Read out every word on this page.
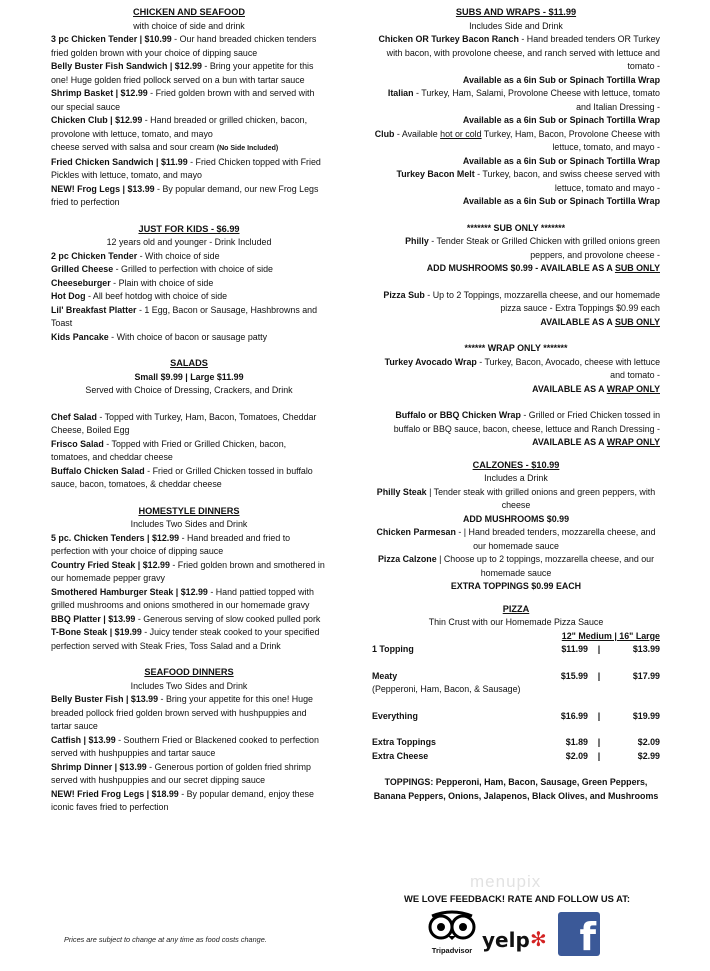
CHICKEN AND SEAFOOD

with choice of side and drink

3 pc Chicken Tender | $10.99 - Our hand breaded chicken tenders fried golden brown with your choice of dipping sauce

Belly Buster Fish Sandwich | $12.99 - Bring your appetite for this one! Huge golden fried pollock served on a bun with tartar sauce

Shrimp Basket | $12.99 - Fried golden brown with and served with our special sauce

Chicken Club | $12.99 - Hand breaded or grilled chicken, bacon, provolone with lettuce, tomato, and mayo

cheese served with salsa and sour cream (No Side Included)

Fried Chicken Sandwich | $11.99 - Fried Chicken topped with Fried Pickles with lettuce, tomato, and mayo

NEW! Frog Legs | $13.99 - By popular demand, our new Frog Legs fried to perfection

JUST FOR KIDS - $6.99

12 years old and younger - Drink Included

2 pc Chicken Tender - With choice of side

Grilled Cheese - Grilled to perfection with choice of side

Cheeseburger - Plain with choice of side

Hot Dog - All beef hotdog with choice of side

Lil' Breakfast Platter - 1 Egg, Bacon or Sausage, Hashbrowns and Toast

Kids Pancake - With choice of bacon or sausage patty

SALADS

Small $9.99 | Large $11.99

Served with Choice of Dressing, Crackers, and Drink

Chef Salad - Topped with Turkey, Ham, Bacon, Tomatoes, Cheddar Cheese, Boiled Egg

Frisco Salad - Topped with Fried or Grilled Chicken, bacon, tomatoes, and cheddar cheese

Buffalo Chicken Salad - Fried or Grilled Chicken tossed in buffalo sauce, bacon, tomatoes, & cheddar cheese

HOMESTYLE DINNERS

Includes Two Sides and Drink

5 pc. Chicken Tenders | $12.99 - Hand breaded and fried to perfection with your choice of dipping sauce

Country Fried Steak | $12.99 - Fried golden brown and smothered in our homemade pepper gravy

Smothered Hamburger Steak | $12.99 - Hand pattied topped with grilled mushrooms and onions smothered in our homemade gravy

BBQ Platter | $13.99 - Generous serving of slow cooked pulled pork

T-Bone Steak | $19.99 - Juicy tender steak cooked to your specified perfection served with Steak Fries, Toss Salad and a Drink

SEAFOOD DINNERS

Includes Two Sides and Drink

Belly Buster Fish | $13.99 - Bring your appetite for this one! Huge breaded pollock fried golden brown served with hushpuppies and tartar sauce

Catfish | $13.99 - Southern Fried or Blackened cooked to perfection served with hushpuppies and tartar sauce

Shrimp Dinner | $13.99 - Generous portion of golden fried shrimp served with hushpuppies and our secret dipping sauce

NEW! Fried Frog Legs | $18.99 - By popular demand, enjoy these iconic faves fried to perfection

SUBS AND WRAPS - $11.99

Includes Side and Drink

Chicken OR Turkey Bacon Ranch - Hand breaded tenders OR Turkey with bacon, with provolone cheese, and ranch served with lettuce and tomato -

Available as a 6in Sub or Spinach Tortilla Wrap

Italian - Turkey, Ham, Salami, Provolone Cheese with lettuce, tomato and Italian Dressing -

Available as a 6in Sub or Spinach Tortilla Wrap

Club - Available hot or cold Turkey, Ham, Bacon, Provolone Cheese with lettuce, tomato, and mayo -

Available as a 6in Sub or Spinach Tortilla Wrap

Turkey Bacon Melt - Turkey, bacon, and swiss cheese served with lettuce, tomato and mayo -

Available as a 6in Sub or Spinach Tortilla Wrap

******* SUB ONLY *******

Philly - Tender Steak or Grilled Chicken with grilled onions green peppers, and provolone cheese -

ADD MUSHROOMS $0.99 - AVAILABLE AS A SUB ONLY

Pizza Sub - Up to 2 Toppings, mozzarella cheese, and our homemade pizza sauce - Extra Toppings $0.99 each

AVAILABLE AS A SUB ONLY

****** WRAP ONLY *******

Turkey Avocado Wrap - Turkey, Bacon, Avocado, cheese with lettuce and tomato -

AVAILABLE AS A WRAP ONLY

Buffalo or BBQ Chicken Wrap - Grilled or Fried Chicken tossed in buffalo or BBQ sauce, bacon, cheese, lettuce and Ranch Dressing -

AVAILABLE AS A WRAP ONLY

CALZONES - $10.99

Includes a Drink

Philly Steak | Tender steak with grilled onions and green peppers, with cheese

ADD MUSHROOMS $0.99

Chicken Parmesan - | Hand breaded tenders, mozzarella cheese, and our homemade sauce

Pizza Calzone | Choose up to 2 toppings, mozzarella cheese, and our homemade sauce

EXTRA TOPPINGS $0.99 EACH

PIZZA

Thin Crust with our Homemade Pizza Sauce

12" Medium | 16" Large

1 Topping	$11.99	|	$13.99
Meaty	$15.99	|	$17.99

(Pepperoni, Ham, Bacon, & Sausage)

Everything	$16.99	|	$19.99
Extra Toppings	$1.89	|	$2.09
Extra Cheese	$2.09	|	$2.99

TOPPINGS: Pepperoni, Ham, Bacon, Sausage, Green Peppers, Banana Peppers, Onions, Jalapenos, Black Olives, and Mushrooms

menupix
WE LOVE FEEDBACK! RATE AND FOLLOW US AT:
Tripadvisor yelp ✻ f
Prices are subject to change at any time as food costs change.
